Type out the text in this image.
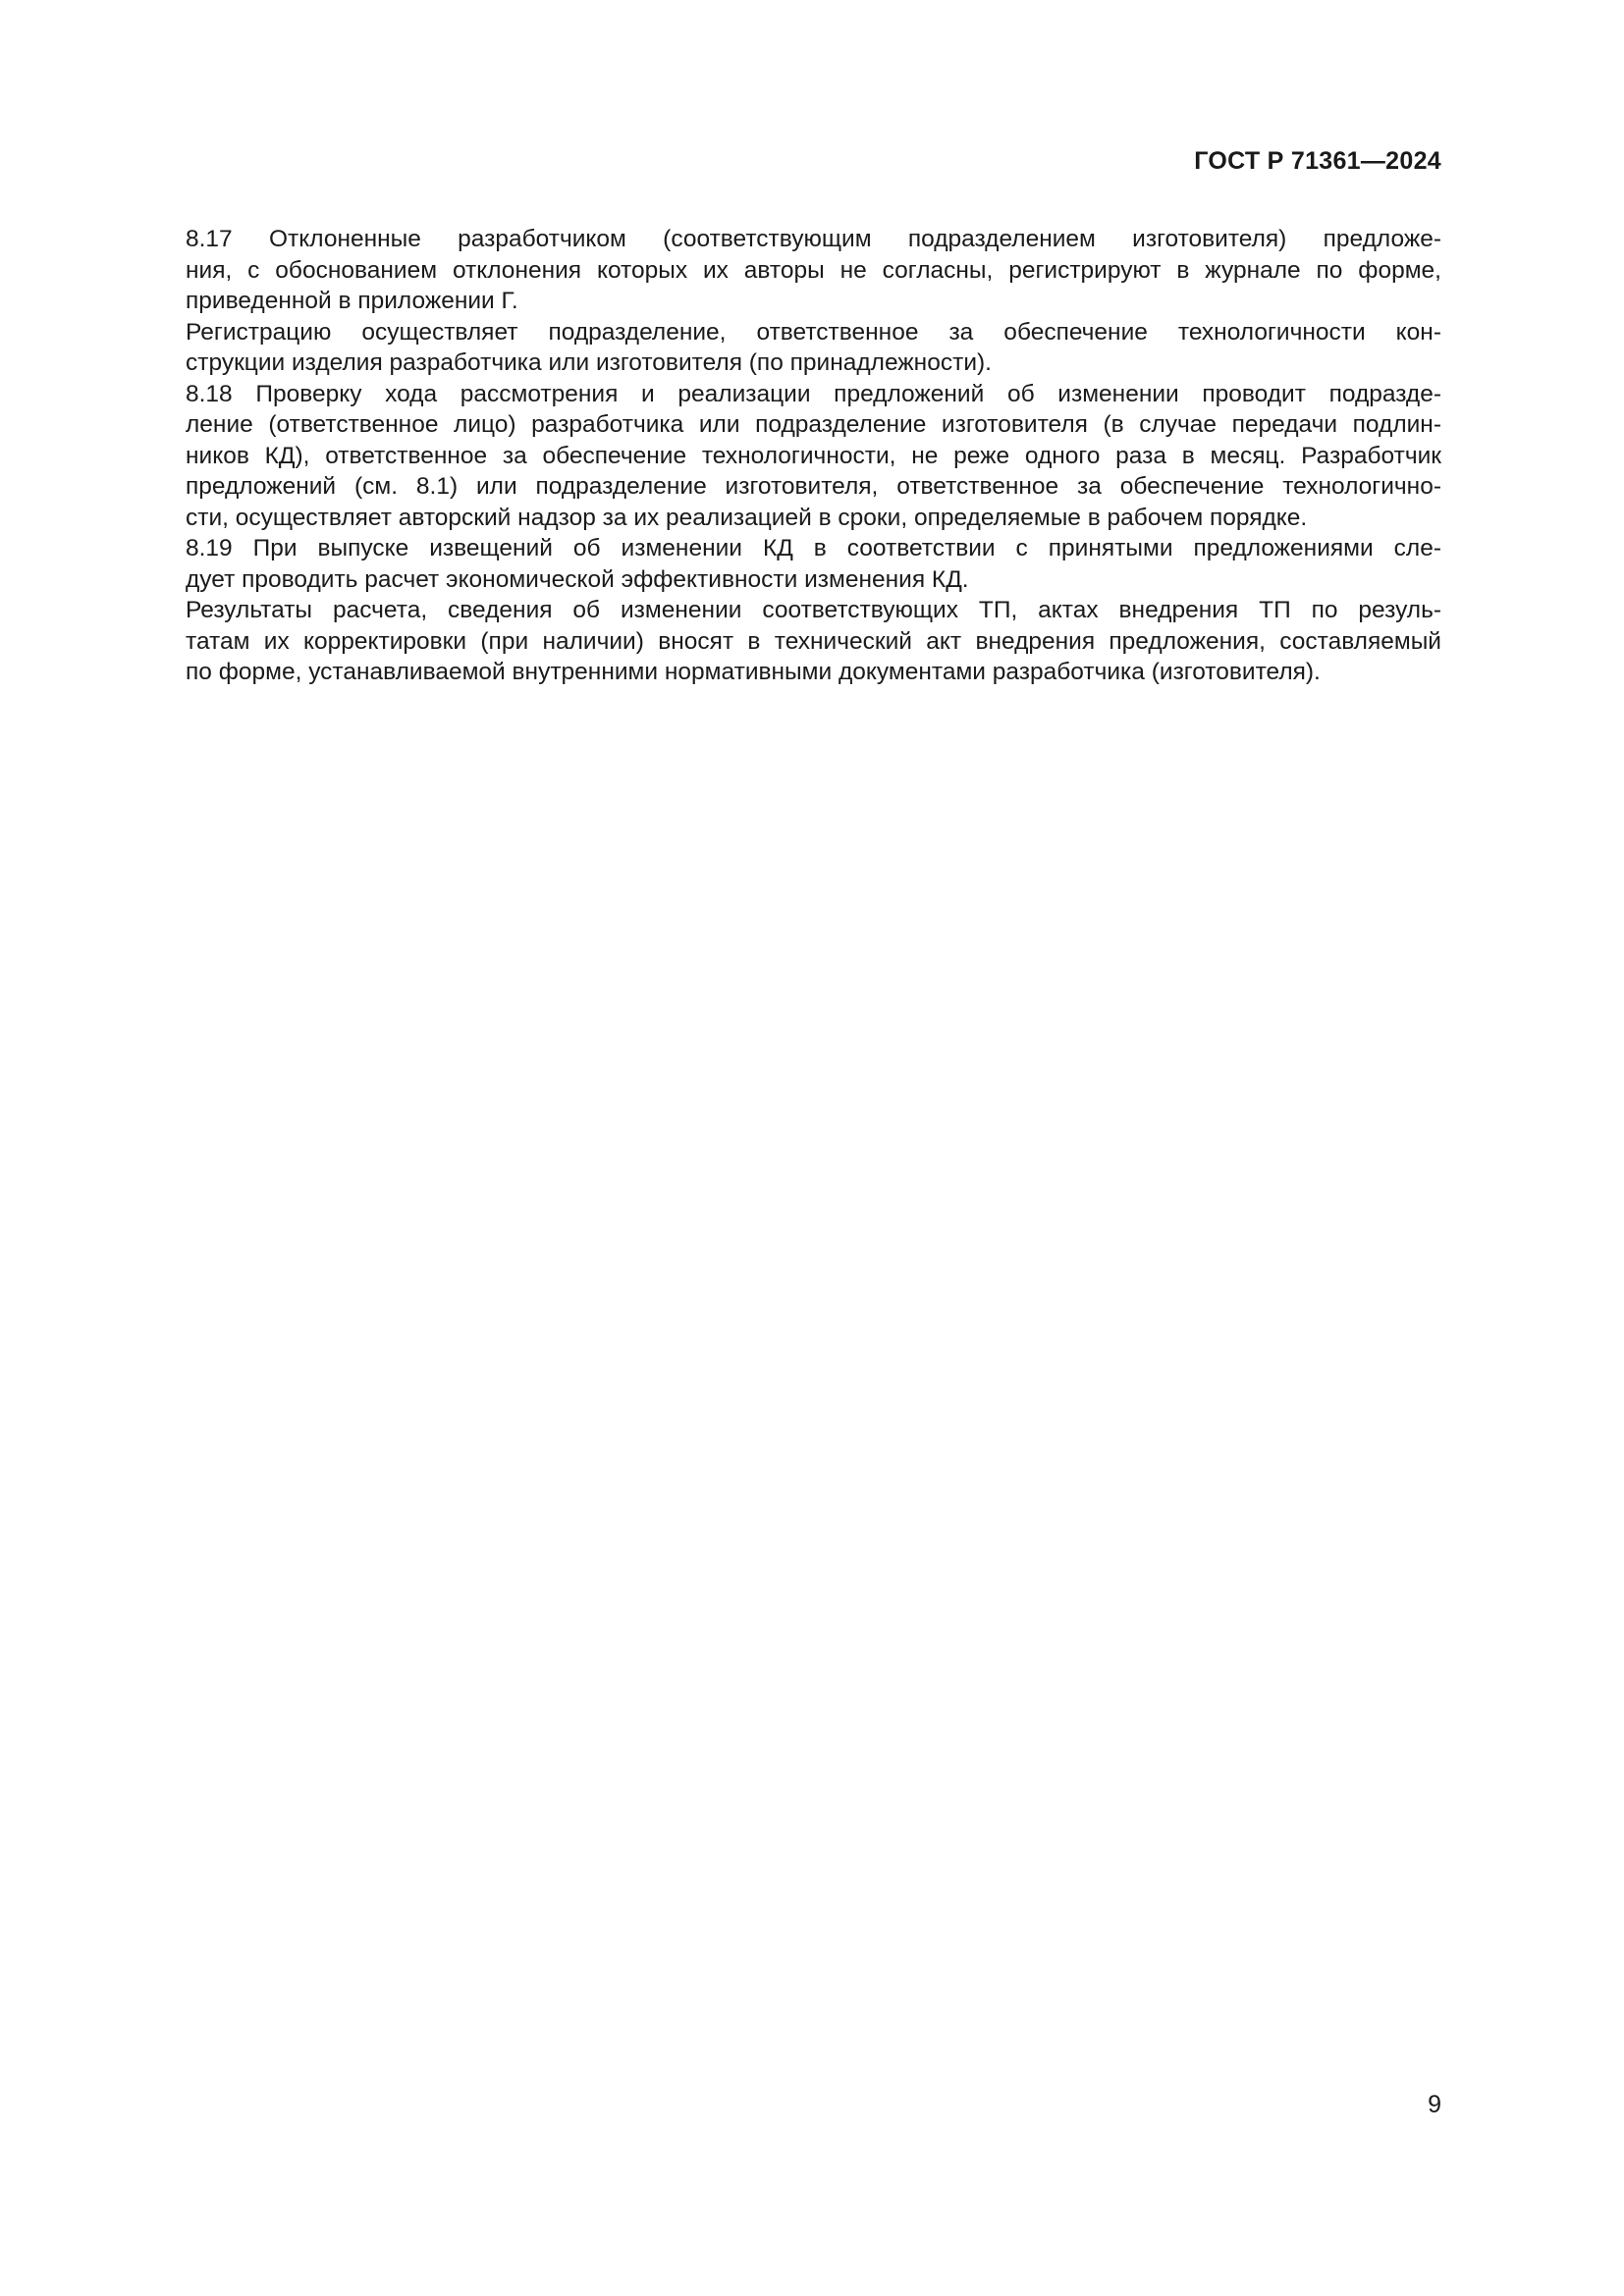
ГОСТ Р 71361—2024

8.17 Отклоненные разработчиком (соответствующим подразделением изготовителя) предложе-
ния, с обоснованием отклонения которых их авторы не согласны, регистрируют в журнале по форме,
приведенной в приложении Г.

Регистрацию осуществляет подразделение, ответственное за обеспечение технологичности кон-
струкции изделия разработчика или изготовителя (по принадлежности).

8.18 Проверку хода рассмотрения и реализации предложений об изменении проводит подразде-
ление (ответственное лицо) разработчика или подразделение изготовителя (в случае передачи подлин-
ников КД), ответственное за обеспечение технологичности, не реже одного раза в месяц. Разработчик
предложений (см. 8.1) или подразделение изготовителя, ответственное за обеспечение технологично-
сти, осуществляет авторский надзор за их реализацией в сроки, определяемые в рабочем порядке.

8.19 При выпуске извещений об изменении КД в соответствии с принятыми предложениями сле-
дует проводить расчет экономической эффективности изменения КД.

Результаты расчета, сведения об изменении соответствующих ТП, актах внедрения ТП по резуль-
татам их корректировки (при наличии) вносят в технический акт внедрения предложения, составляемый
по форме, устанавливаемой внутренними нормативными документами разработчика (изготовителя).

9
